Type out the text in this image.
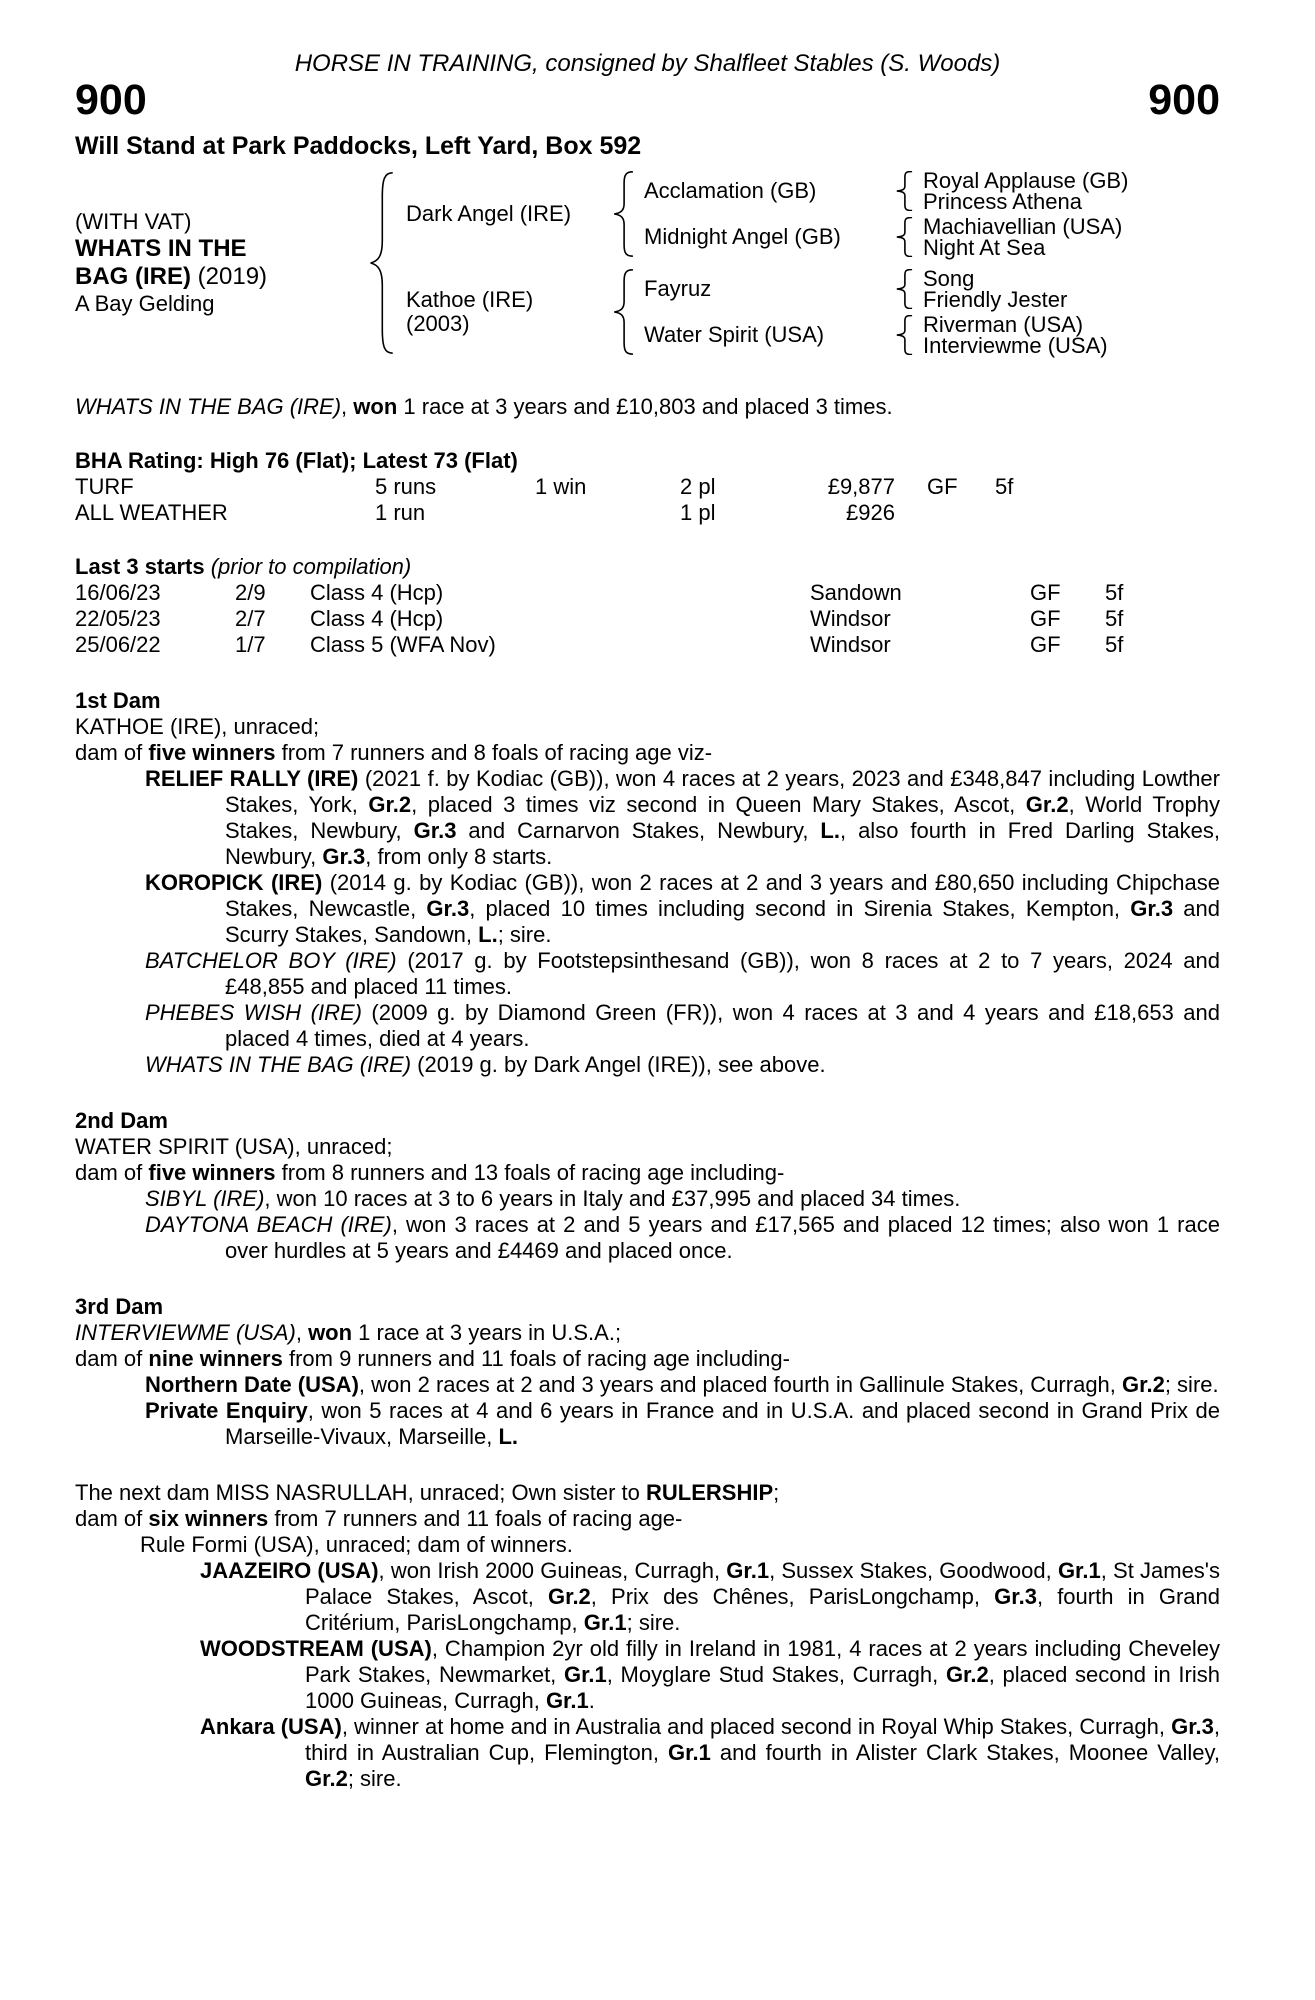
HORSE IN TRAINING, consigned by Shalfleet Stables (S. Woods)
900	900
Will Stand at Park Paddocks, Left Yard, Box 592
(WITH VAT)
WHATS IN THE BAG (IRE) (2019)
A Bay Gelding
Dark Angel (IRE)
Acclamation (GB)	Royal Applause (GB)
Princess Athena
Midnight Angel (GB)	Machiavellian (USA)
Night At Sea
Kathoe (IRE)
(2003)
Fayruz	Song
Friendly Jester
Water Spirit (USA)	Riverman (USA)
Interviewme (USA)
WHATS IN THE BAG (IRE), won 1 race at 3 years and £10,803 and placed 3 times.
BHA Rating: High 76 (Flat); Latest 73 (Flat)
TURF	5 runs	1 win	2 pl	£9,877	GF	5f
ALL WEATHER	1 run	1 pl	£926
Last 3 starts (prior to compilation)
16/06/23	2/9	Class 4 (Hcp)	Sandown	GF	5f
22/05/23	2/7	Class 4 (Hcp)	Windsor	GF	5f
25/06/22	1/7	Class 5 (WFA Nov)	Windsor	GF	5f
1st Dam
KATHOE (IRE), unraced;
dam of five winners from 7 runners and 8 foals of racing age viz-
RELIEF RALLY (IRE) (2021 f. by Kodiac (GB)), won 4 races at 2 years, 2023 and £348,847 including Lowther Stakes, York, Gr.2, placed 3 times viz second in Queen Mary Stakes, Ascot, Gr.2, World Trophy Stakes, Newbury, Gr.3 and Carnarvon Stakes, Newbury, L., also fourth in Fred Darling Stakes, Newbury, Gr.3, from only 8 starts.
KOROPICK (IRE) (2014 g. by Kodiac (GB)), won 2 races at 2 and 3 years and £80,650 including Chipchase Stakes, Newcastle, Gr.3, placed 10 times including second in Sirenia Stakes, Kempton, Gr.3 and Scurry Stakes, Sandown, L.; sire.
BATCHELOR BOY (IRE) (2017 g. by Footstepsinthesand (GB)), won 8 races at 2 to 7 years, 2024 and £48,855 and placed 11 times.
PHEBES WISH (IRE) (2009 g. by Diamond Green (FR)), won 4 races at 3 and 4 years and £18,653 and placed 4 times, died at 4 years.
WHATS IN THE BAG (IRE) (2019 g. by Dark Angel (IRE)), see above.
2nd Dam
WATER SPIRIT (USA), unraced;
dam of five winners from 8 runners and 13 foals of racing age including-
SIBYL (IRE), won 10 races at 3 to 6 years in Italy and £37,995 and placed 34 times.
DAYTONA BEACH (IRE), won 3 races at 2 and 5 years and £17,565 and placed 12 times; also won 1 race over hurdles at 5 years and £4469 and placed once.
3rd Dam
INTERVIEWME (USA), won 1 race at 3 years in U.S.A.;
dam of nine winners from 9 runners and 11 foals of racing age including-
Northern Date (USA), won 2 races at 2 and 3 years and placed fourth in Gallinule Stakes, Curragh, Gr.2; sire.
Private Enquiry, won 5 races at 4 and 6 years in France and in U.S.A. and placed second in Grand Prix de Marseille-Vivaux, Marseille, L.
The next dam MISS NASRULLAH, unraced; Own sister to RULERSHIP;
dam of six winners from 7 runners and 11 foals of racing age-
Rule Formi (USA), unraced; dam of winners.
JAAZEIRO (USA), won Irish 2000 Guineas, Curragh, Gr.1, Sussex Stakes, Goodwood, Gr.1, St James's Palace Stakes, Ascot, Gr.2, Prix des Chênes, ParisLongchamp, Gr.3, fourth in Grand Critérium, ParisLongchamp, Gr.1; sire.
WOODSTREAM (USA), Champion 2yr old filly in Ireland in 1981, 4 races at 2 years including Cheveley Park Stakes, Newmarket, Gr.1, Moyglare Stud Stakes, Curragh, Gr.2, placed second in Irish 1000 Guineas, Curragh, Gr.1.
Ankara (USA), winner at home and in Australia and placed second in Royal Whip Stakes, Curragh, Gr.3, third in Australian Cup, Flemington, Gr.1 and fourth in Alister Clark Stakes, Moonee Valley, Gr.2; sire.
